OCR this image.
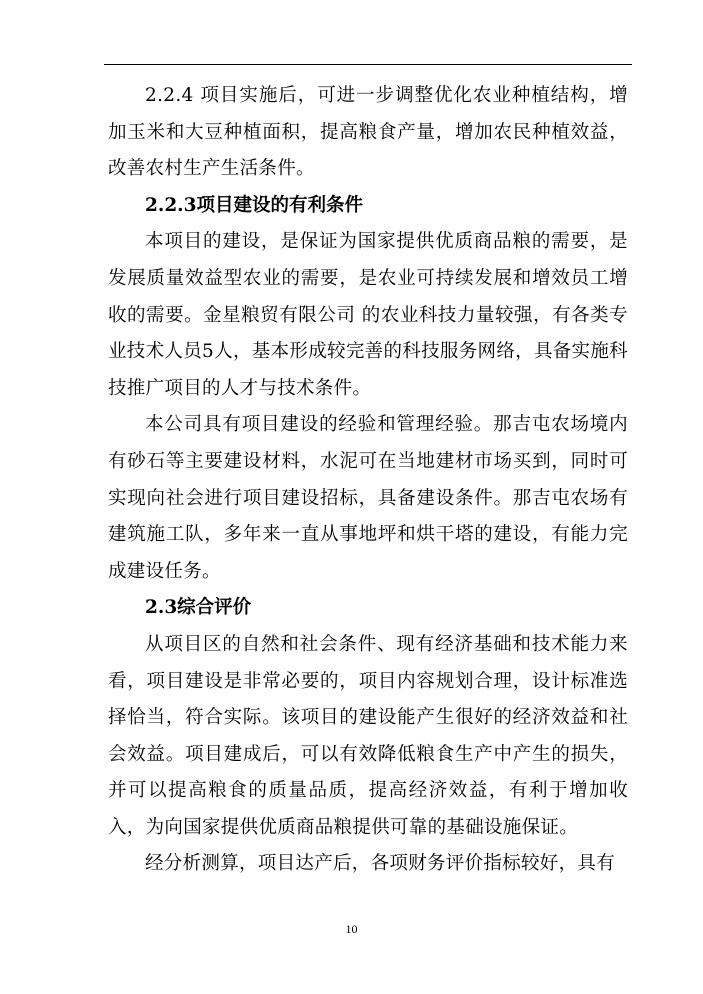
2.2.4 项目实施后，可进一步调整优化农业种植结构，增加玉米和大豆种植面积，提高粮食产量，增加农民种植效益，改善农村生产生活条件。

2.2.3项目建设的有利条件

本项目的建设，是保证为国家提供优质商品粮的需要，是发展质量效益型农业的需要，是农业可持续发展和增效员工增收的需要。金星粮贸有限公司 的农业科技力量较强，有各类专业技术人员5人，基本形成较完善的科技服务网络，具备实施科技推广项目的人才与技术条件。

本公司具有项目建设的经验和管理经验。那吉屯农场境内有砂石等主要建设材料，水泥可在当地建材市场买到，同时可实现向社会进行项目建设招标，具备建设条件。那吉屯农场有建筑施工队，多年来一直从事地坪和烘干塔的建设，有能力完成建设任务。

2.3综合评价

从项目区的自然和社会条件、现有经济基础和技术能力来看，项目建设是非常必要的，项目内容规划合理，设计标准选择恰当，符合实际。该项目的建设能产生很好的经济效益和社会效益。项目建成后，可以有效降低粮食生产中产生的损失，并可以提高粮食的质量品质，提高经济效益，有利于增加收入，为向国家提供优质商品粮提供可靠的基础设施保证。

经分析测算，项目达产后，各项财务评价指标较好，具有

10
